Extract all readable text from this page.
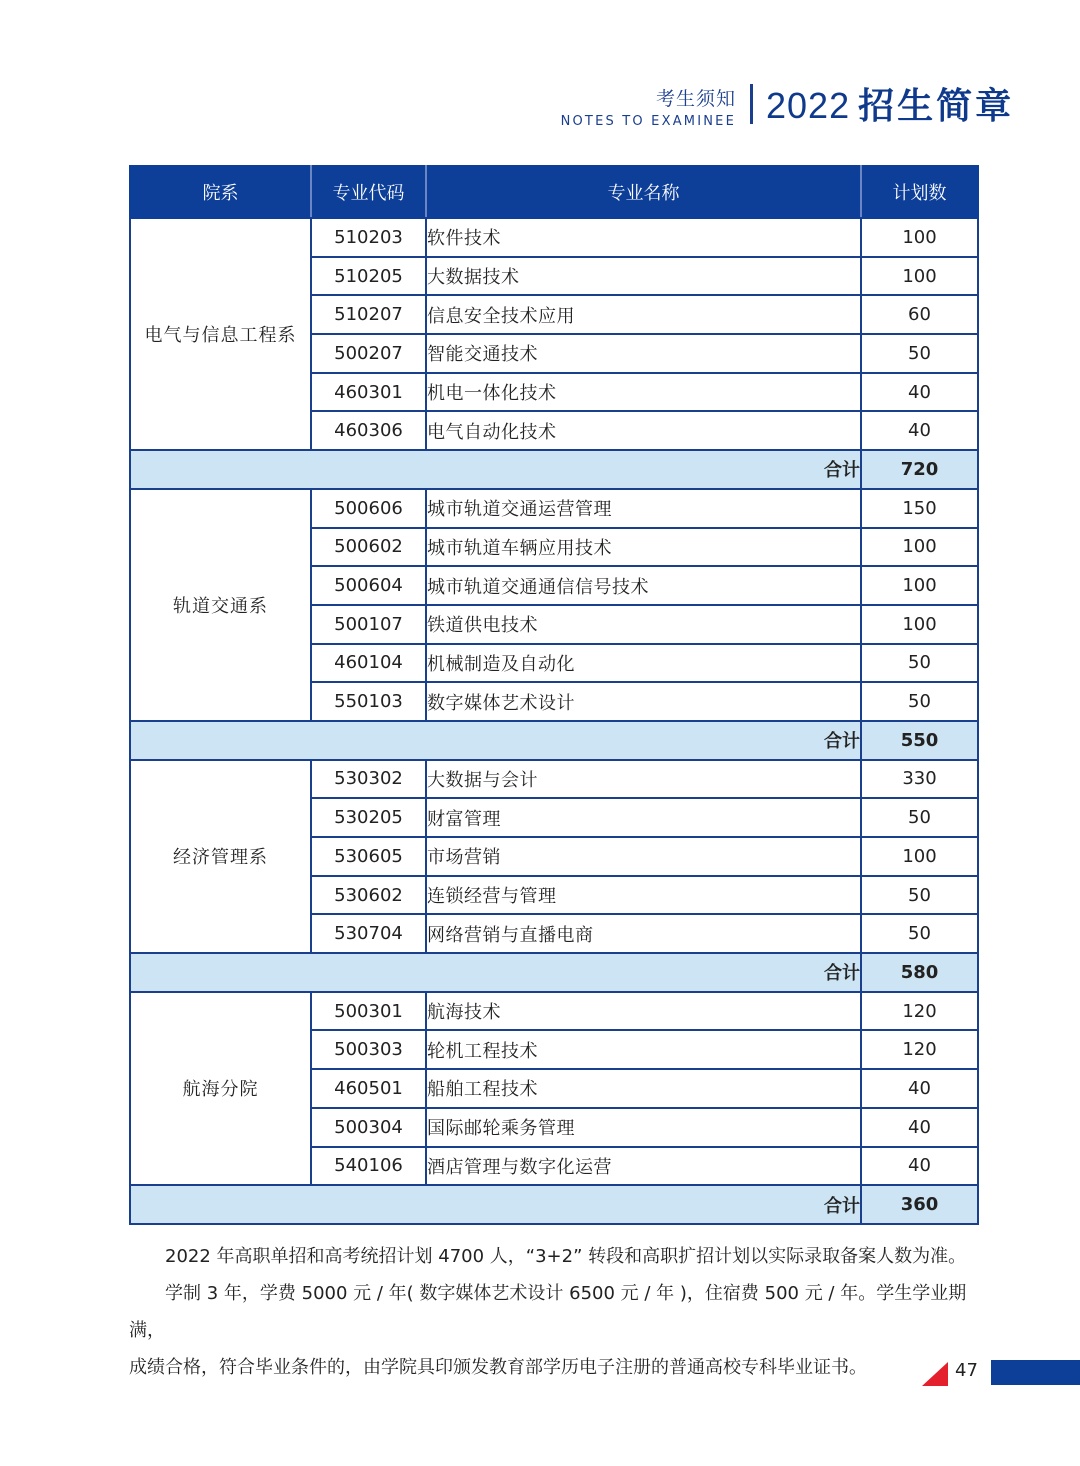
考生须知
NOTES TO EXAMINEE 2022 招生简章
院系	专业代码	专业名称	计划数
电气与信息工程系	510203	软件技术	100
	510205	大数据技术	100
	510207	信息安全技术应用	60
	500207	智能交通技术	50
	460301	机电一体化技术	40
	460306	电气自动化技术	40
合计			720
轨道交通系	500606	城市轨道交通运营管理	150
	500602	城市轨道车辆应用技术	100
	500604	城市轨道交通通信信号技术	100
	500107	铁道供电技术	100
	460104	机械制造及自动化	50
	550103	数字媒体艺术设计	50
合计			550
经济管理系	530302	大数据与会计	330
	530205	财富管理	50
	530605	市场营销	100
	530602	连锁经营与管理	50
	530704	网络营销与直播电商	50
合计			580
航海分院	500301	航海技术	120
	500303	轮机工程技术	120
	460501	船舶工程技术	40
	500304	国际邮轮乘务管理	40
	540106	酒店管理与数字化运营	40
合计			360

2022 年高职单招和高考统招计划 4700 人，“3+2” 转段和高职扩招计划以实际录取备案人数为准。

学制 3 年，学费 5000 元 / 年( 数字媒体艺术设计 6500 元 / 年 )，住宿费 500 元 / 年。学生学业期满，

成绩合格，符合毕业条件的，由学院具印颁发教育部学历电子注册的普通高校专科毕业证书。	47
